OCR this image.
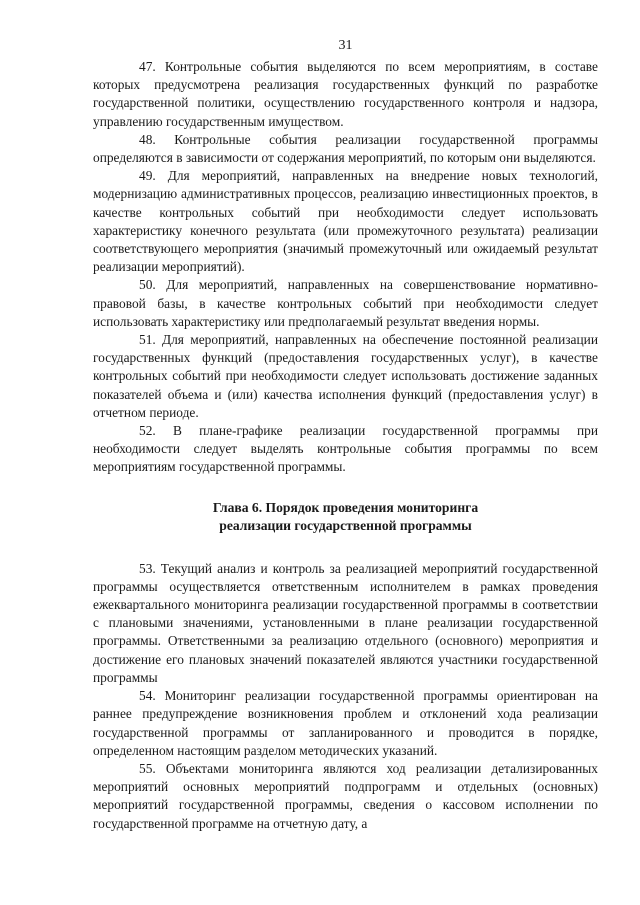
31

47. Контрольные события выделяются по всем мероприятиям, в составе которых предусмотрена реализация государственных функций по разработке государственной политики, осуществлению государственного контроля и надзора, управлению государственным имуществом.

48. Контрольные события реализации государственной программы определяются в зависимости от содержания мероприятий, по которым они выделяются.

49. Для мероприятий, направленных на внедрение новых технологий, модернизацию административных процессов, реализацию инвестиционных проектов, в качестве контрольных событий при необходимости следует использовать характеристику конечного результата (или промежуточного результата) реализации соответствующего мероприятия (значимый промежуточный или ожидаемый результат реализации мероприятий).

50. Для мероприятий, направленных на совершенствование нормативно-правовой базы, в качестве контрольных событий при необходимости следует использовать характеристику или предполагаемый результат введения нормы.

51. Для мероприятий, направленных на обеспечение постоянной реализации государственных функций (предоставления государственных услуг), в качестве контрольных событий при необходимости следует использовать достижение заданных показателей объема и (или) качества исполнения функций (предоставления услуг) в отчетном периоде.

52. В плане-графике реализации государственной программы при необходимости следует выделять контрольные события программы по всем мероприятиям государственной программы.

Глава 6. Порядок проведения мониторинга
реализации государственной программы

53. Текущий анализ и контроль за реализацией мероприятий государственной программы осуществляется ответственным исполнителем в рамках проведения ежеквартального мониторинга реализации государственной программы в соответствии с плановыми значениями, установленными в плане реализации государственной программы. Ответственными за реализацию отдельного (основного) мероприятия и достижение его плановых значений показателей являются участники государственной программы

54. Мониторинг реализации государственной программы ориентирован на раннее предупреждение возникновения проблем и отклонений хода реализации государственной программы от запланированного и проводится в порядке, определенном настоящим разделом методических указаний.

55. Объектами мониторинга являются ход реализации детализированных мероприятий основных мероприятий подпрограмм и отдельных (основных) мероприятий государственной программы, сведения о кассовом исполнении по государственной программе на отчетную дату, а
